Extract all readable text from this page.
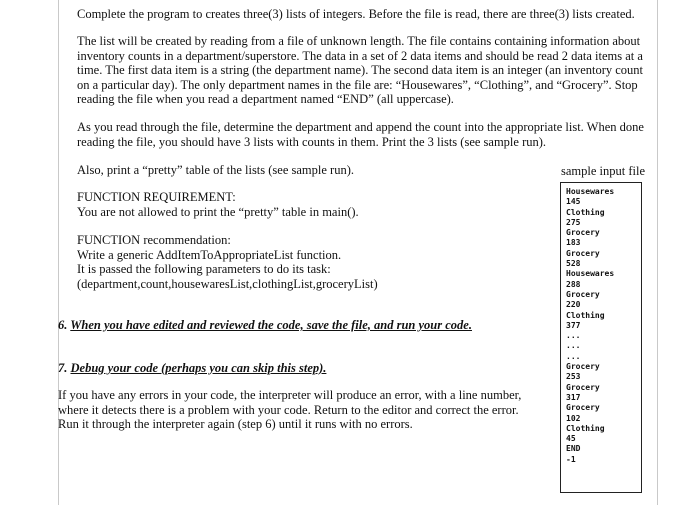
Complete the program to creates three(3) lists of integers. Before the file is read, there are three(3) lists created.
The list will be created by reading from a file of unknown length. The file contains containing information about
inventory counts in a department/superstore. The data in a set of 2 data items and should be read 2 data items at a
time. The first data item is a string (the department name). The second data item is an integer (an inventory count
on a particular day). The only department names in the file are: “Housewares”, “Clothing”, and “Grocery”. Stop
reading the file when you read a department named “END” (all uppercase).
As you read through the file, determine the department and append the count into the appropriate list. When done
reading the file, you should have 3 lists with counts in them. Print the 3 lists (see sample run).
Also, print a “pretty” table of the lists (see sample run).	sample input file
FUNCTION REQUIREMENT:
You are not allowed to print the “pretty” table in main().
FUNCTION recommendation:
Write a generic AddItemToAppropriateList function.
It is passed the following parameters to do its task:
(department,count,housewaresList,clothingList,groceryList)
6. When you have edited and reviewed the code, save the file, and run your code.
7. Debug your code (perhaps you can skip this step).
If you have any errors in your code, the interpreter will produce an error, with a line number,
where it detects there is a problem with your code. Return to the editor and correct the error.
Run it through the interpreter again (step 6) until it runs with no errors.
Housewares
145
Clothing
275
Grocery
183
Grocery
528
Housewares
288
Grocery
220
Clothing
377
...
...
...
Grocery
253
Grocery
317
Grocery
102
Clothing
45
END
-1
